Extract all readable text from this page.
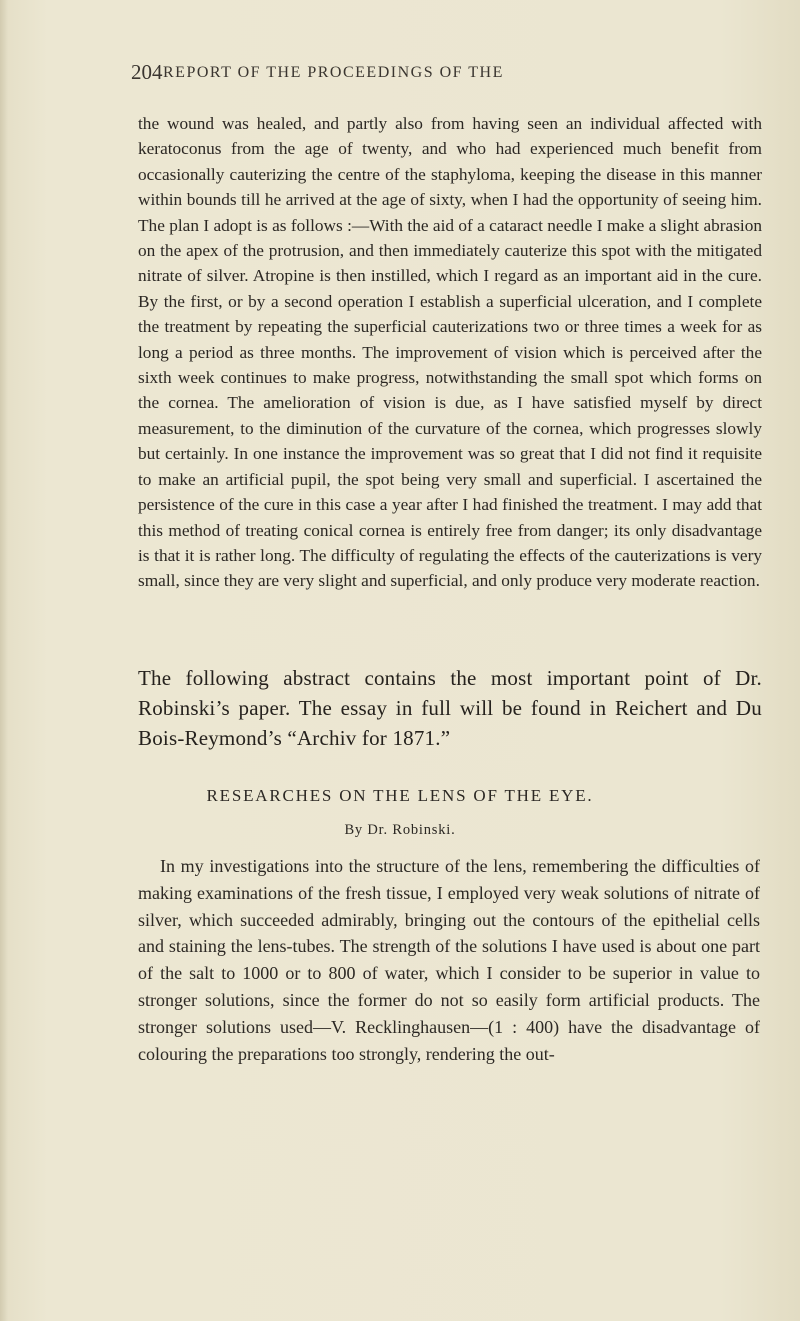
204 REPORT OF THE PROCEEDINGS OF THE

the wound was healed, and partly also from having seen an individual affected with keratoconus from the age of twenty, and who had experienced much benefit from occasionally cauterizing the centre of the staphyloma, keeping the disease in this manner within bounds till he arrived at the age of sixty, when I had the opportunity of seeing him. The plan I adopt is as follows :—With the aid of a cataract needle I make a slight abrasion on the apex of the protrusion, and then immediately cauterize this spot with the mitigated nitrate of silver. Atropine is then instilled, which I regard as an important aid in the cure. By the first, or by a second operation I establish a superficial ulceration, and I complete the treatment by repeating the superficial cauterizations two or three times a week for as long a period as three months. The improvement of vision which is perceived after the sixth week continues to make progress, notwithstanding the small spot which forms on the cornea. The amelioration of vision is due, as I have satisfied myself by direct measurement, to the diminution of the curvature of the cornea, which progresses slowly but certainly. In one instance the improvement was so great that I did not find it requisite to make an artificial pupil, the spot being very small and superficial. I ascertained the persistence of the cure in this case a year after I had finished the treatment. I may add that this method of treating conical cornea is entirely free from danger; its only disadvantage is that it is rather long. The difficulty of regulating the effects of the cauterizations is very small, since they are very slight and superficial, and only produce very moderate reaction.

The following abstract contains the most important point of Dr. Robinski’s paper. The essay in full will be found in Reichert and Du Bois-Reymond’s “Archiv for 1871.”

RESEARCHES ON THE LENS OF THE EYE.
By Dr. Robinski.

In my investigations into the structure of the lens, remembering the difficulties of making examinations of the fresh tissue, I employed very weak solutions of nitrate of silver, which succeeded admirably, bringing out the contours of the epithelial cells and staining the lens-tubes. The strength of the solutions I have used is about one part of the salt to 1000 or to 800 of water, which I consider to be superior in value to stronger solutions, since the former do not so easily form artificial products. The stronger solutions used—V. Recklinghausen—(1 : 400) have the disadvantage of colouring the preparations too strongly, rendering the out-
